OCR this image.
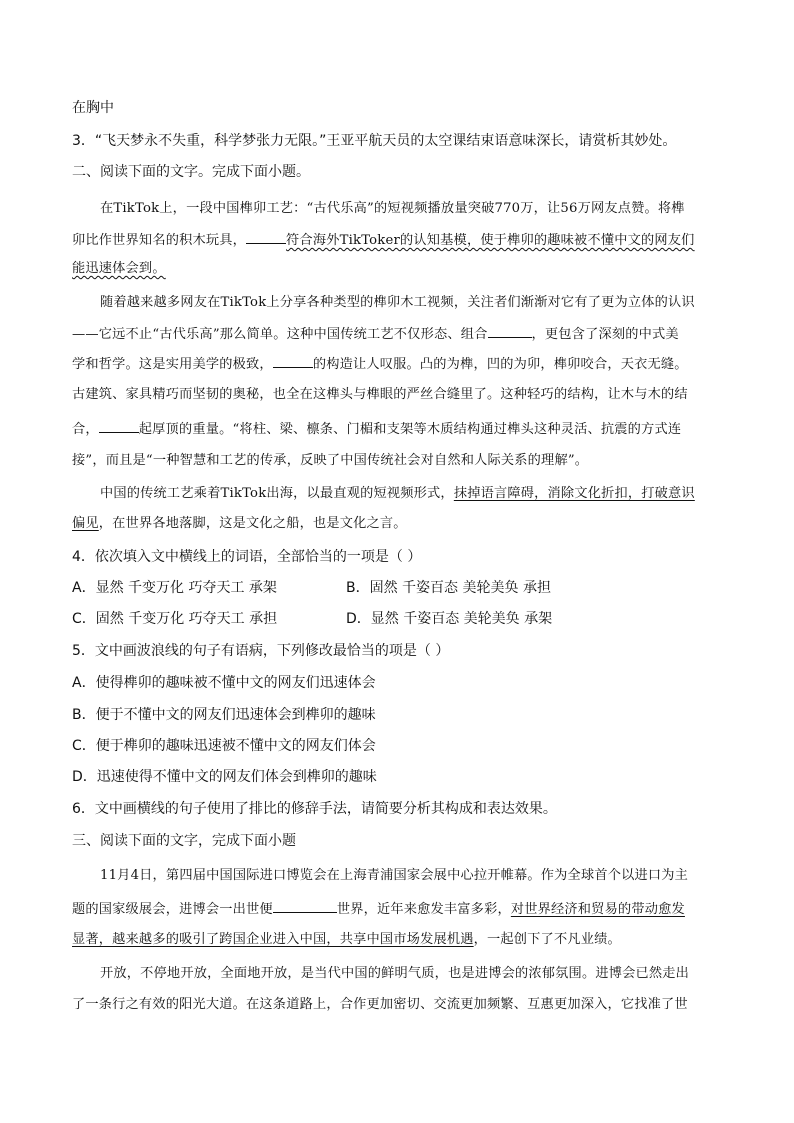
在胸中
3．“飞天梦永不失重，科学梦张力无限。”王亚平航天员的太空课结束语意味深长，请赏析其妙处。
二、阅读下面的文字。完成下面小题。
在TikTok上，一段中国榫卯工艺：“古代乐高”的短视频播放量突破770万，让56万网友点赞。将榫
卯比作世界知名的积木玩具，	符合海外TikToker的认知基模，使于榫卯的趣味被不懂中文的网友们
能迅速体会到。
随着越来越多网友在TikTok上分享各种类型的榫卯木工视频，关注者们渐渐对它有了更为立体的认识
——它远不止“古代乐高”那么简单。这种中国传统工艺不仅形态、组合	，更包含了深刻的中式美
学和哲学。这是实用美学的极致，	的构造让人叹服。凸的为榫，凹的为卯，榫卯咬合，天衣无缝。
古建筑、家具精巧而坚韧的奥秘，也全在这榫头与榫眼的严丝合缝里了。这种轻巧的结构，让木与木的结
合，	起厚顶的重量。“将柱、梁、檩条、门楣和支架等木质结构通过榫头这种灵活、抗震的方式连
接”，而且是“一种智慧和工艺的传承，反映了中国传统社会对自然和人际关系的理解”。
中国的传统工艺乘着TikTok出海，以最直观的短视频形式，抹掉语言障碍，消除文化折扣，打破意识
偏见，在世界各地落脚，这是文化之船，也是文化之言。
4．依次填入文中横线上的词语，全部恰当的一项是（ ）
A．显然 千变万化 巧夺天工 承架	B．固然 千姿百态 美轮美奂 承担
C．固然 千变万化 巧夺天工 承担	D．显然 千姿百态 美轮美奂 承架
5．文中画波浪线的句子有语病，下列修改最恰当的项是（ ）
A．使得榫卯的趣味被不懂中文的网友们迅速体会
B．便于不懂中文的网友们迅速体会到榫卯的趣味
C．便于榫卯的趣味迅速被不懂中文的网友们体会
D．迅速使得不懂中文的网友们体会到榫卯的趣味
6．文中画横线的句子使用了排比的修辞手法，请简要分析其构成和表达效果。
三、阅读下面的文字，完成下面小题
11月4日，第四届中国国际进口博览会在上海青浦国家会展中心拉开帷幕。作为全球首个以进口为主
题的国家级展会，进博会一出世便	世界，近年来愈发丰富多彩，对世界经济和贸易的带动愈发
显著，越来越多的吸引了跨国企业进入中国，共享中国市场发展机遇，一起创下了不凡业绩。
开放，不停地开放，全面地开放，是当代中国的鲜明气质，也是进博会的浓郁氛围。进博会已然走出
了一条行之有效的阳光大道。在这条道路上，合作更加密切、交流更加频繁、互惠更加深入，它找准了世
